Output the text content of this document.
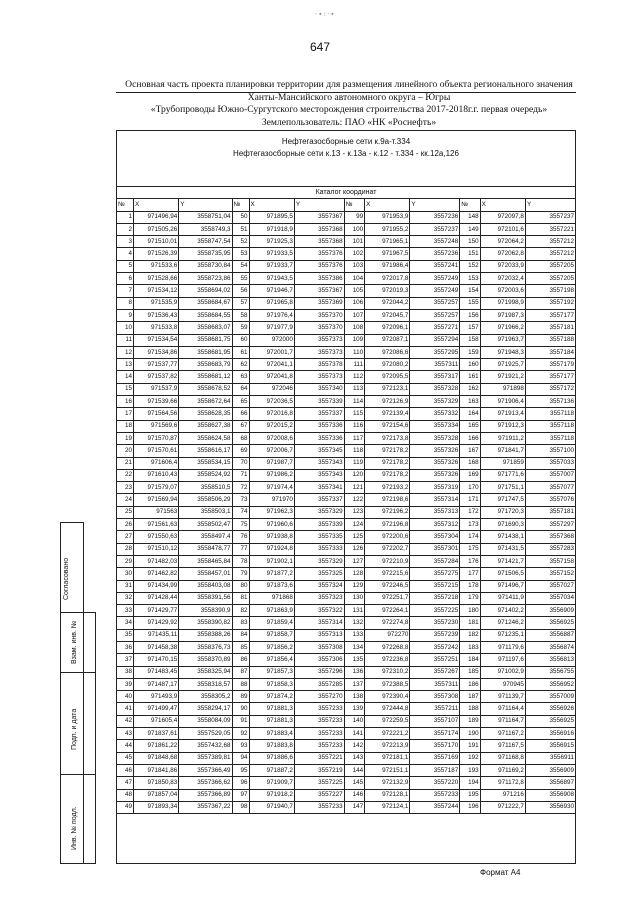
·∙:·∙
647
Основная часть проекта планировки территории для размещения линейного объекта регионального значения
Ханты-Мансийского автономного округа – Югры
«Трубопроводы Южно-Сургутского месторождения строительства 2017-2018г.г. первая очередь»
Землепользователь: ПАО «НК «Роснефть»
Нефтегазосборные сети к.9а-т.334
Нефтегазосборные сети к.13 - к.13а - к.12 - т.334 - кк.12а,126
Каталог координат											
№	X	Y	№	X	Y	№	X	Y	№	X	Y
1	971496,94	3558751,04	50	971895,5	3557367	99	971953,9	3557236	148	972097,8	3557237
2	971505,26	3558749,3	51	971918,9	3557368	100	971955,2	3557237	149	972101,6	3557221
3	971510,01	3558747,54	52	971925,3	3557368	101	971965,1	3557248	150	972064,2	3557212
4	971526,39	3558735,95	53	971933,5	3557376	102	971967,5	3557236	151	972062,8	3557212
5	971533,6	3558730,84	54	971933,7	3557376	103	971986,4	3557241	152	972033,9	3557205
6	971528,66	3558723,86	55	971943,5	3557386	104	972017,8	3557249	153	972032,4	3557205
7	971534,12	3558694,02	56	971946,7	3557367	105	972019,3	3557249	154	972003,6	3557198
8	971535,9	3558684,67	57	971965,8	3557369	106	972044,2	3557257	155	971998,9	3557192
9	971536,43	3558684,55	58	971976,4	3557370	107	972045,7	3557257	156	971987,3	3557177
10	971533,8	3558683,07	59	971977,9	3557370	108	972096,1	3557271	157	971966,2	3557181
11	971534,54	3558681,75	60	972000	3557373	109	972087,1	3557294	158	971963,7	3557188
12	971534,86	3558681,95	61	972001,7	3557373	110	972086,6	3557295	159	971948,3	3557184
13	971537,77	3558683,79	62	972041,1	3557378	111	972080,2	3557311	160	971925,7	3557179
14	971537,82	3558681,12	63	972041,8	3557373	112	972095,5	3557317	161	971921,2	3557177
15	971537,9	3558678,52	64	972046	3557340	113	972123,1	3557328	162	971898	3557172
16	971539,66	3558672,64	65	972036,5	3557339	114	972126,9	3557329	163	971906,4	3557136
17	971564,56	3558628,35	66	972016,8	3557337	115	972139,4	3557332	164	971913,4	3557118
18	971569,6	3558627,38	67	972015,2	3557336	116	972154,6	3557334	165	971912,3	3557118
19	971570,87	3558624,58	68	972008,6	3557336	117	972173,8	3557328	166	971911,2	3557118
20	971570,61	3558616,17	69	972006,7	3557345	118	972178,2	3557326	167	971841,7	3557100
21	971606,4	3558534,15	70	971987,7	3557343	119	972178,2	3557326	168	971859	3557033
22	971610,43	3558524,92	71	971986,2	3557343	120	972178,2	3557326	169	971771,6	3557007
23	971579,07	3558510,5	72	971974,4	3557341	121	972193,2	3557319	170	971751,1	3557077
24	971569,94	3558506,29	73	971970	3557337	122	972198,6	3557314	171	971747,5	3557076
25	971563	3558503,1	74	971962,3	3557329	123	972196,2	3557313	172	971720,3	3557181
26	971561,63	3558502,47	75	971960,6	3557339	124	972196,8	3557312	173	971690,3	3557297
27	971550,63	3558497,4	76	971938,8	3557335	125	972200,6	3557304	174	971438,1	3557368
28	971510,12	3558478,77	77	971924,8	3557333	126	972202,7	3557301	175	971431,5	3557283
29	971482,03	3558465,84	78	971902,1	3557329	127	972210,9	3557284	176	971421,7	3557158
30	971462,82	3558457,01	79	971877,2	3557325	128	972215,6	3557275	177	971506,5	3557152
31	971434,99	3558403,08	80	971873,6	3557324	129	972246,5	3557215	178	971496,7	3557027
32	971428,44	3558391,56	81	971868	3557323	130	972251,7	3557218	179	971411,9	3557034
33	971429,77	3558390,9	82	971863,9	3557322	131	972264,1	3557225	180	971402,2	3556909
34	971429,92	3558390,82	83	971859,4	3557314	132	972274,8	3557230	181	971246,2	3556925
35	971435,11	3558388,26	84	971858,7	3557313	133	972270	3557239	182	971235,1	3556887
36	971458,38	3558376,73	85	971856,2	3557308	134	972268,8	3557242	183	971179,6	3556874
37	971470,15	3558370,89	86	971856,4	3557306	135	972236,8	3557251	184	971197,6	3556813
38	971483,45	3558325,94	87	971857,3	3557296	136	972310,2	3557267	185	971002,9	3556755
39	971487,17	3558318,57	88	971858,3	3557285	137	972388,5	3557311	186	970945	3556952
40	971493,9	3558305,2	89	971874,2	3557270	138	972390,4	3557308	187	971139,7	3557009
41	971499,47	3558294,17	90	971881,3	3557233	139	972444,8	3557211	188	971164,4	3556926
42	971605,4	3558084,09	91	971881,3	3557233	140	972259,5	3557107	189	971164,7	3556925
43	971837,61	3557529,05	92	971883,4	3557233	141	972221,2	3557174	190	971167,2	3556916
44	971861,22	3557432,68	93	971883,8	3557233	142	972213,9	3557170	191	971167,5	3556915
45	971848,68	3557389,81	94	971886,6	3557221	143	972181,1	3557169	192	971168,8	3556911
46	971841,86	3557366,49	95	971887,2	3557219	144	972151,1	3557187	193	971169,2	3556909
47	971850,83	3557366,62	96	971909,7	3557225	145	972132,9	3557220	194	971172,8	3556897
48	971857,04	3557366,89	97	971918,2	3557227	146	972128,1	3557233	195	971216	3556908
49	971893,34	3557367,22	98	971940,7	3557233	147	972124,1	3557244	196	971222,7	3556930
Согласовано
Взам. инв. №
Подп. и дата
Инв. № подл.
Формат А4
